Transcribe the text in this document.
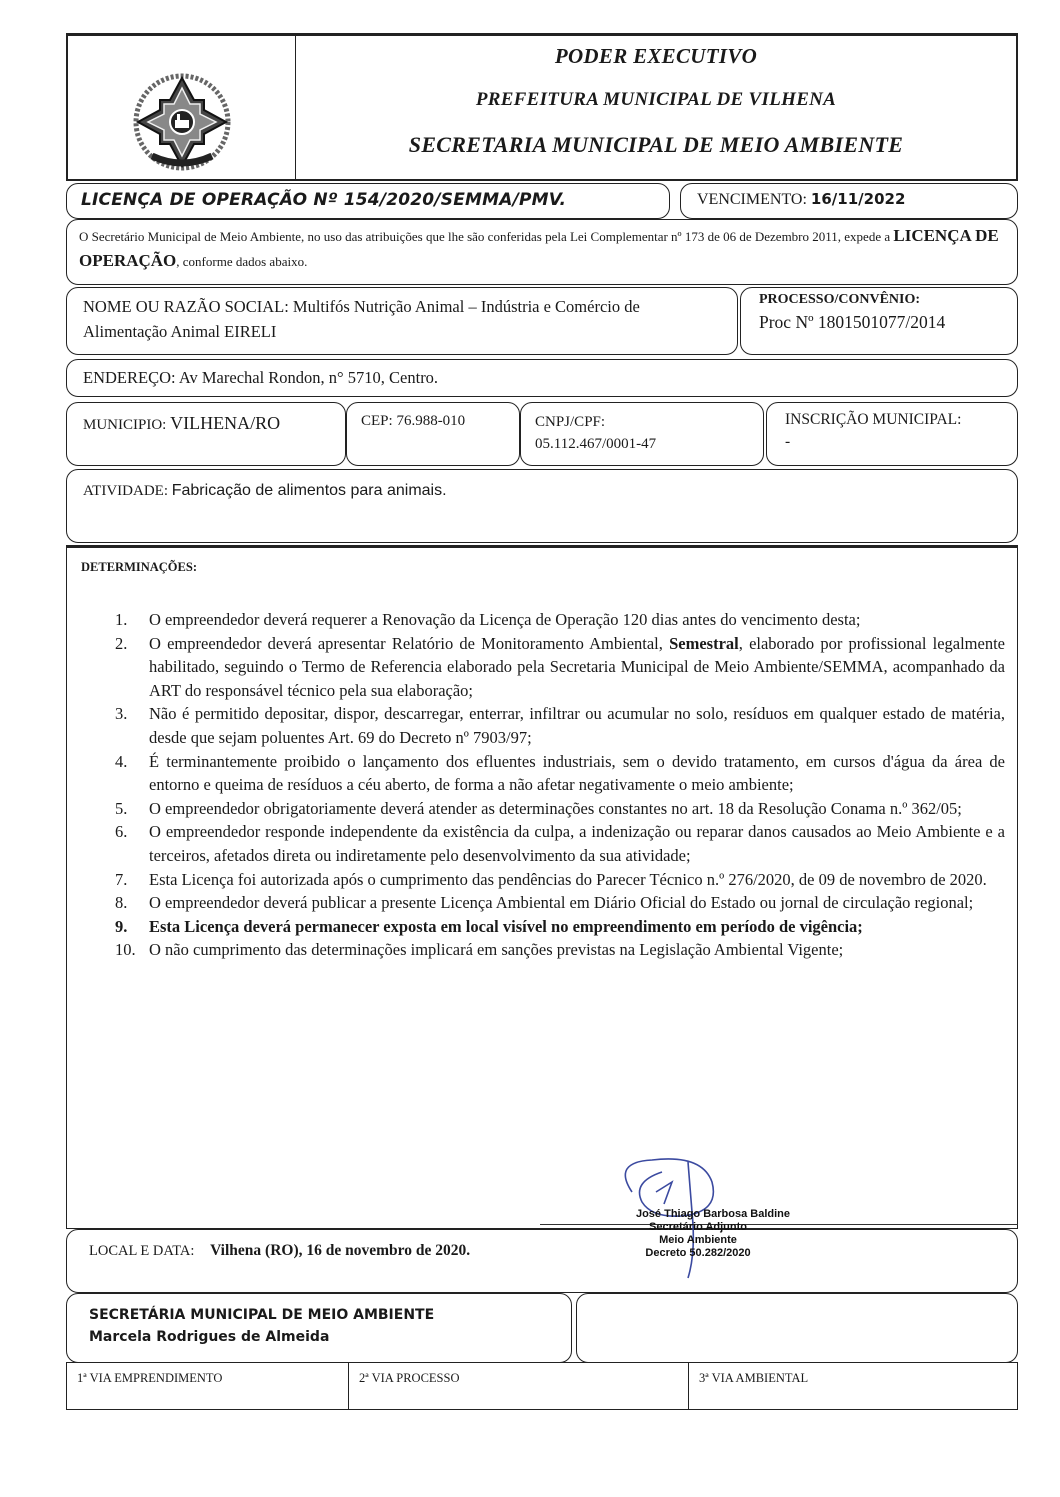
PODER EXECUTIVO
PREFEITURA MUNICIPAL DE VILHENA
SECRETARIA MUNICIPAL DE MEIO AMBIENTE
LICENÇA DE OPERAÇÃO Nº 154/2020/SEMMA/PMV.	VENCIMENTO: 16/11/2022
O Secretário Municipal de Meio Ambiente, no uso das atribuições que lhe são conferidas pela Lei Complementar nº 173 de 06 de Dezembro 2011, expede a LICENÇA DE OPERAÇÃO, conforme dados abaixo.
NOME OU RAZÃO SOCIAL: Multifós Nutrição Animal – Indústria e Comércio de Alimentação Animal EIRELI
PROCESSO/CONVÊNIO:
Proc Nº 1801501077/2014
ENDEREÇO: Av Marechal Rondon, n° 5710, Centro.
MUNICIPIO: VILHENA/RO	CEP: 76.988-010	CNPJ/CPF:
05.112.467/0001-47
INSCRIÇÃO MUNICIPAL:
-
ATIVIDADE: Fabricação de alimentos para animais.
DETERMINAÇÕES:
1. O empreendedor deverá requerer a Renovação da Licença de Operação 120 dias antes do vencimento desta;
2. O empreendedor deverá apresentar Relatório de Monitoramento Ambiental, Semestral, elaborado por profissional legalmente habilitado, seguindo o Termo de Referencia elaborado pela Secretaria Municipal de Meio Ambiente/SEMMA, acompanhado da ART do responsável técnico pela sua elaboração;
3. Não é permitido depositar, dispor, descarregar, enterrar, infiltrar ou acumular no solo, resíduos em qualquer estado de matéria, desde que sejam poluentes Art. 69 do Decreto nº 7903/97;
4. É terminantemente proibido o lançamento dos efluentes industriais, sem o devido tratamento, em cursos d'água da área de entorno e queima de resíduos a céu aberto, de forma a não afetar negativamente o meio ambiente;
5. O empreendedor obrigatoriamente deverá atender as determinações constantes no art. 18 da Resolução Conama n.º 362/05;
6. O empreendedor responde independente da existência da culpa, a indenização ou reparar danos causados ao Meio Ambiente e a terceiros, afetados direta ou indiretamente pelo desenvolvimento da sua atividade;
7. Esta Licença foi autorizada após o cumprimento das pendências do Parecer Técnico n.º 276/2020, de 09 de novembro de 2020.
8. O empreendedor deverá publicar a presente Licença Ambiental em Diário Oficial do Estado ou jornal de circulação regional;
9. Esta Licença deverá permanecer exposta em local visível no empreendimento em período de vigência;
10. O não cumprimento das determinações implicará em sanções previstas na Legislação Ambiental Vigente;
LOCAL E DATA: Vilhena (RO), 16 de novembro de 2020.
José Thiago Barbosa Baldine
Secretário Adjunto
Meio Ambiente
Decreto 50.282/2020
SECRETÁRIA MUNICIPAL DE MEIO AMBIENTE
Marcela Rodrigues de Almeida
1ª VIA EMPRENDIMENTO	2ª VIA PROCESSO	3ª VIA AMBIENTAL
